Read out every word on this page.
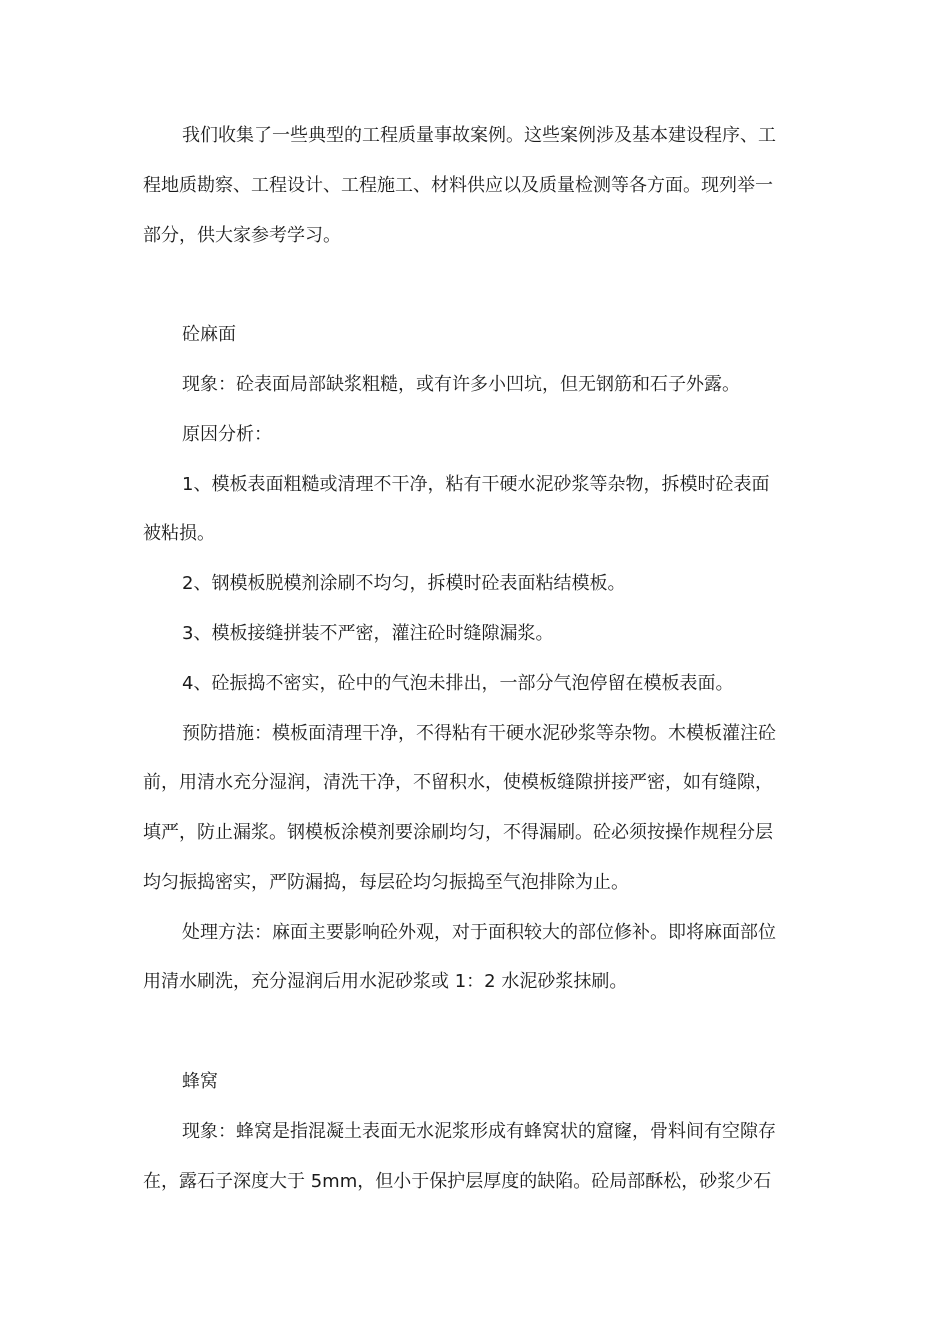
我们收集了一些典型的工程质量事故案例。这些案例涉及基本建设程序、工
程地质勘察、工程设计、工程施工、材料供应以及质量检测等各方面。现列举一
部分，供大家参考学习。
砼麻面
现象：砼表面局部缺浆粗糙，或有许多小凹坑，但无钢筋和石子外露。
原因分析：
1、模板表面粗糙或清理不干净，粘有干硬水泥砂浆等杂物，拆模时砼表面
被粘损。
2、钢模板脱模剂涂刷不均匀，拆模时砼表面粘结模板。
3、模板接缝拼装不严密，灌注砼时缝隙漏浆。
4、砼振捣不密实，砼中的气泡未排出，一部分气泡停留在模板表面。
预防措施：模板面清理干净，不得粘有干硬水泥砂浆等杂物。木模板灌注砼
前，用清水充分湿润，清洗干净，不留积水，使模板缝隙拼接严密，如有缝隙，
填严，防止漏浆。钢模板涂模剂要涂刷均匀，不得漏刷。砼必须按操作规程分层
均匀振捣密实，严防漏捣，每层砼均匀振捣至气泡排除为止。
处理方法：麻面主要影响砼外观，对于面积较大的部位修补。即将麻面部位
用清水刷洗，充分湿润后用水泥砂浆或 1：2 水泥砂浆抹刷。
蜂窝
现象：蜂窝是指混凝土表面无水泥浆形成有蜂窝状的窟窿，骨料间有空隙存
在，露石子深度大于 5mm，但小于保护层厚度的缺陷。砼局部酥松，砂浆少石
